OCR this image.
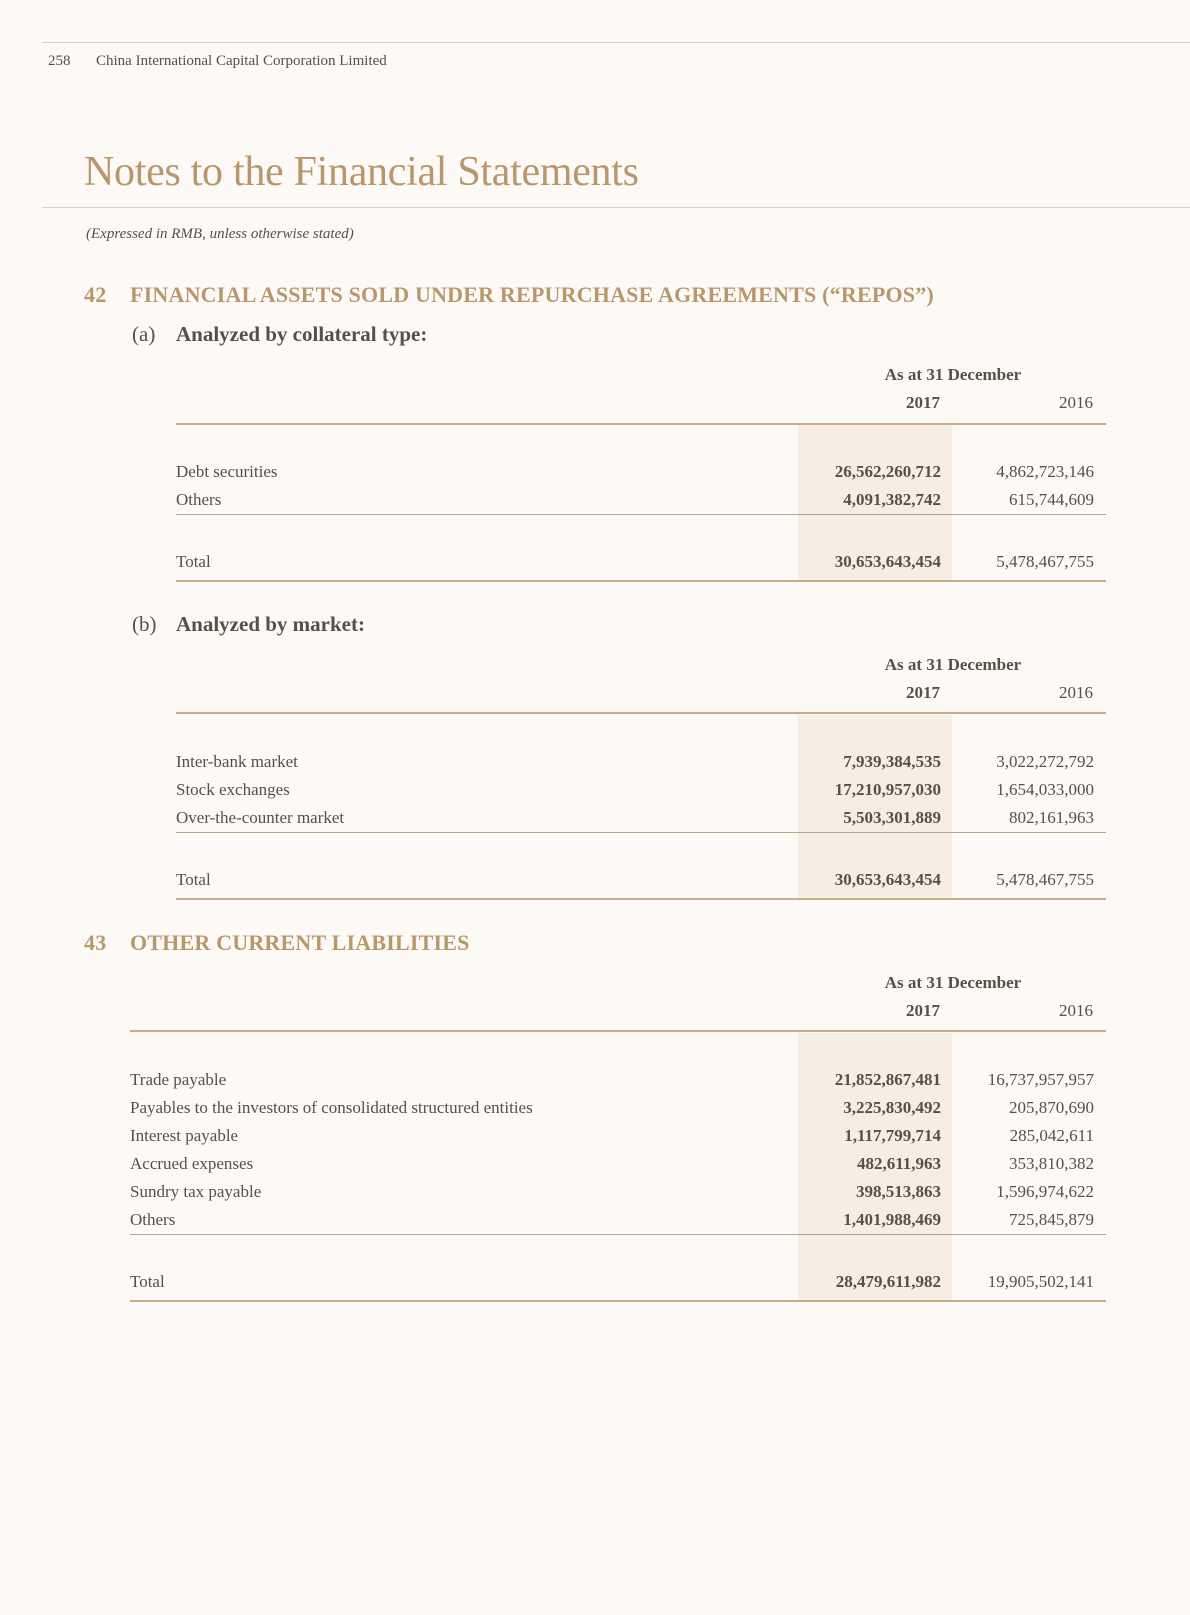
258 China International Capital Corporation Limited
Notes to the Financial Statements
(Expressed in RMB, unless otherwise stated)
42 FINANCIAL ASSETS SOLD UNDER REPURCHASE AGREEMENTS (“REPOS”)
(a) Analyzed by collateral type:
As at 31 December
2017	2016
Debt securities	26,562,260,712	4,862,723,146
Others	4,091,382,742	615,744,609
Total	30,653,643,454	5,478,467,755
(b) Analyzed by market:
As at 31 December
2017	2016
Inter-bank market	7,939,384,535	3,022,272,792
Stock exchanges	17,210,957,030	1,654,033,000
Over-the-counter market	5,503,301,889	802,161,963
Total	30,653,643,454	5,478,467,755
43 OTHER CURRENT LIABILITIES
As at 31 December
2017	2016
Trade payable	21,852,867,481	16,737,957,957
Payables to the investors of consolidated structured entities	3,225,830,492	205,870,690
Interest payable	1,117,799,714	285,042,611
Accrued expenses	482,611,963	353,810,382
Sundry tax payable	398,513,863	1,596,974,622
Others	1,401,988,469	725,845,879
Total	28,479,611,982	19,905,502,141
